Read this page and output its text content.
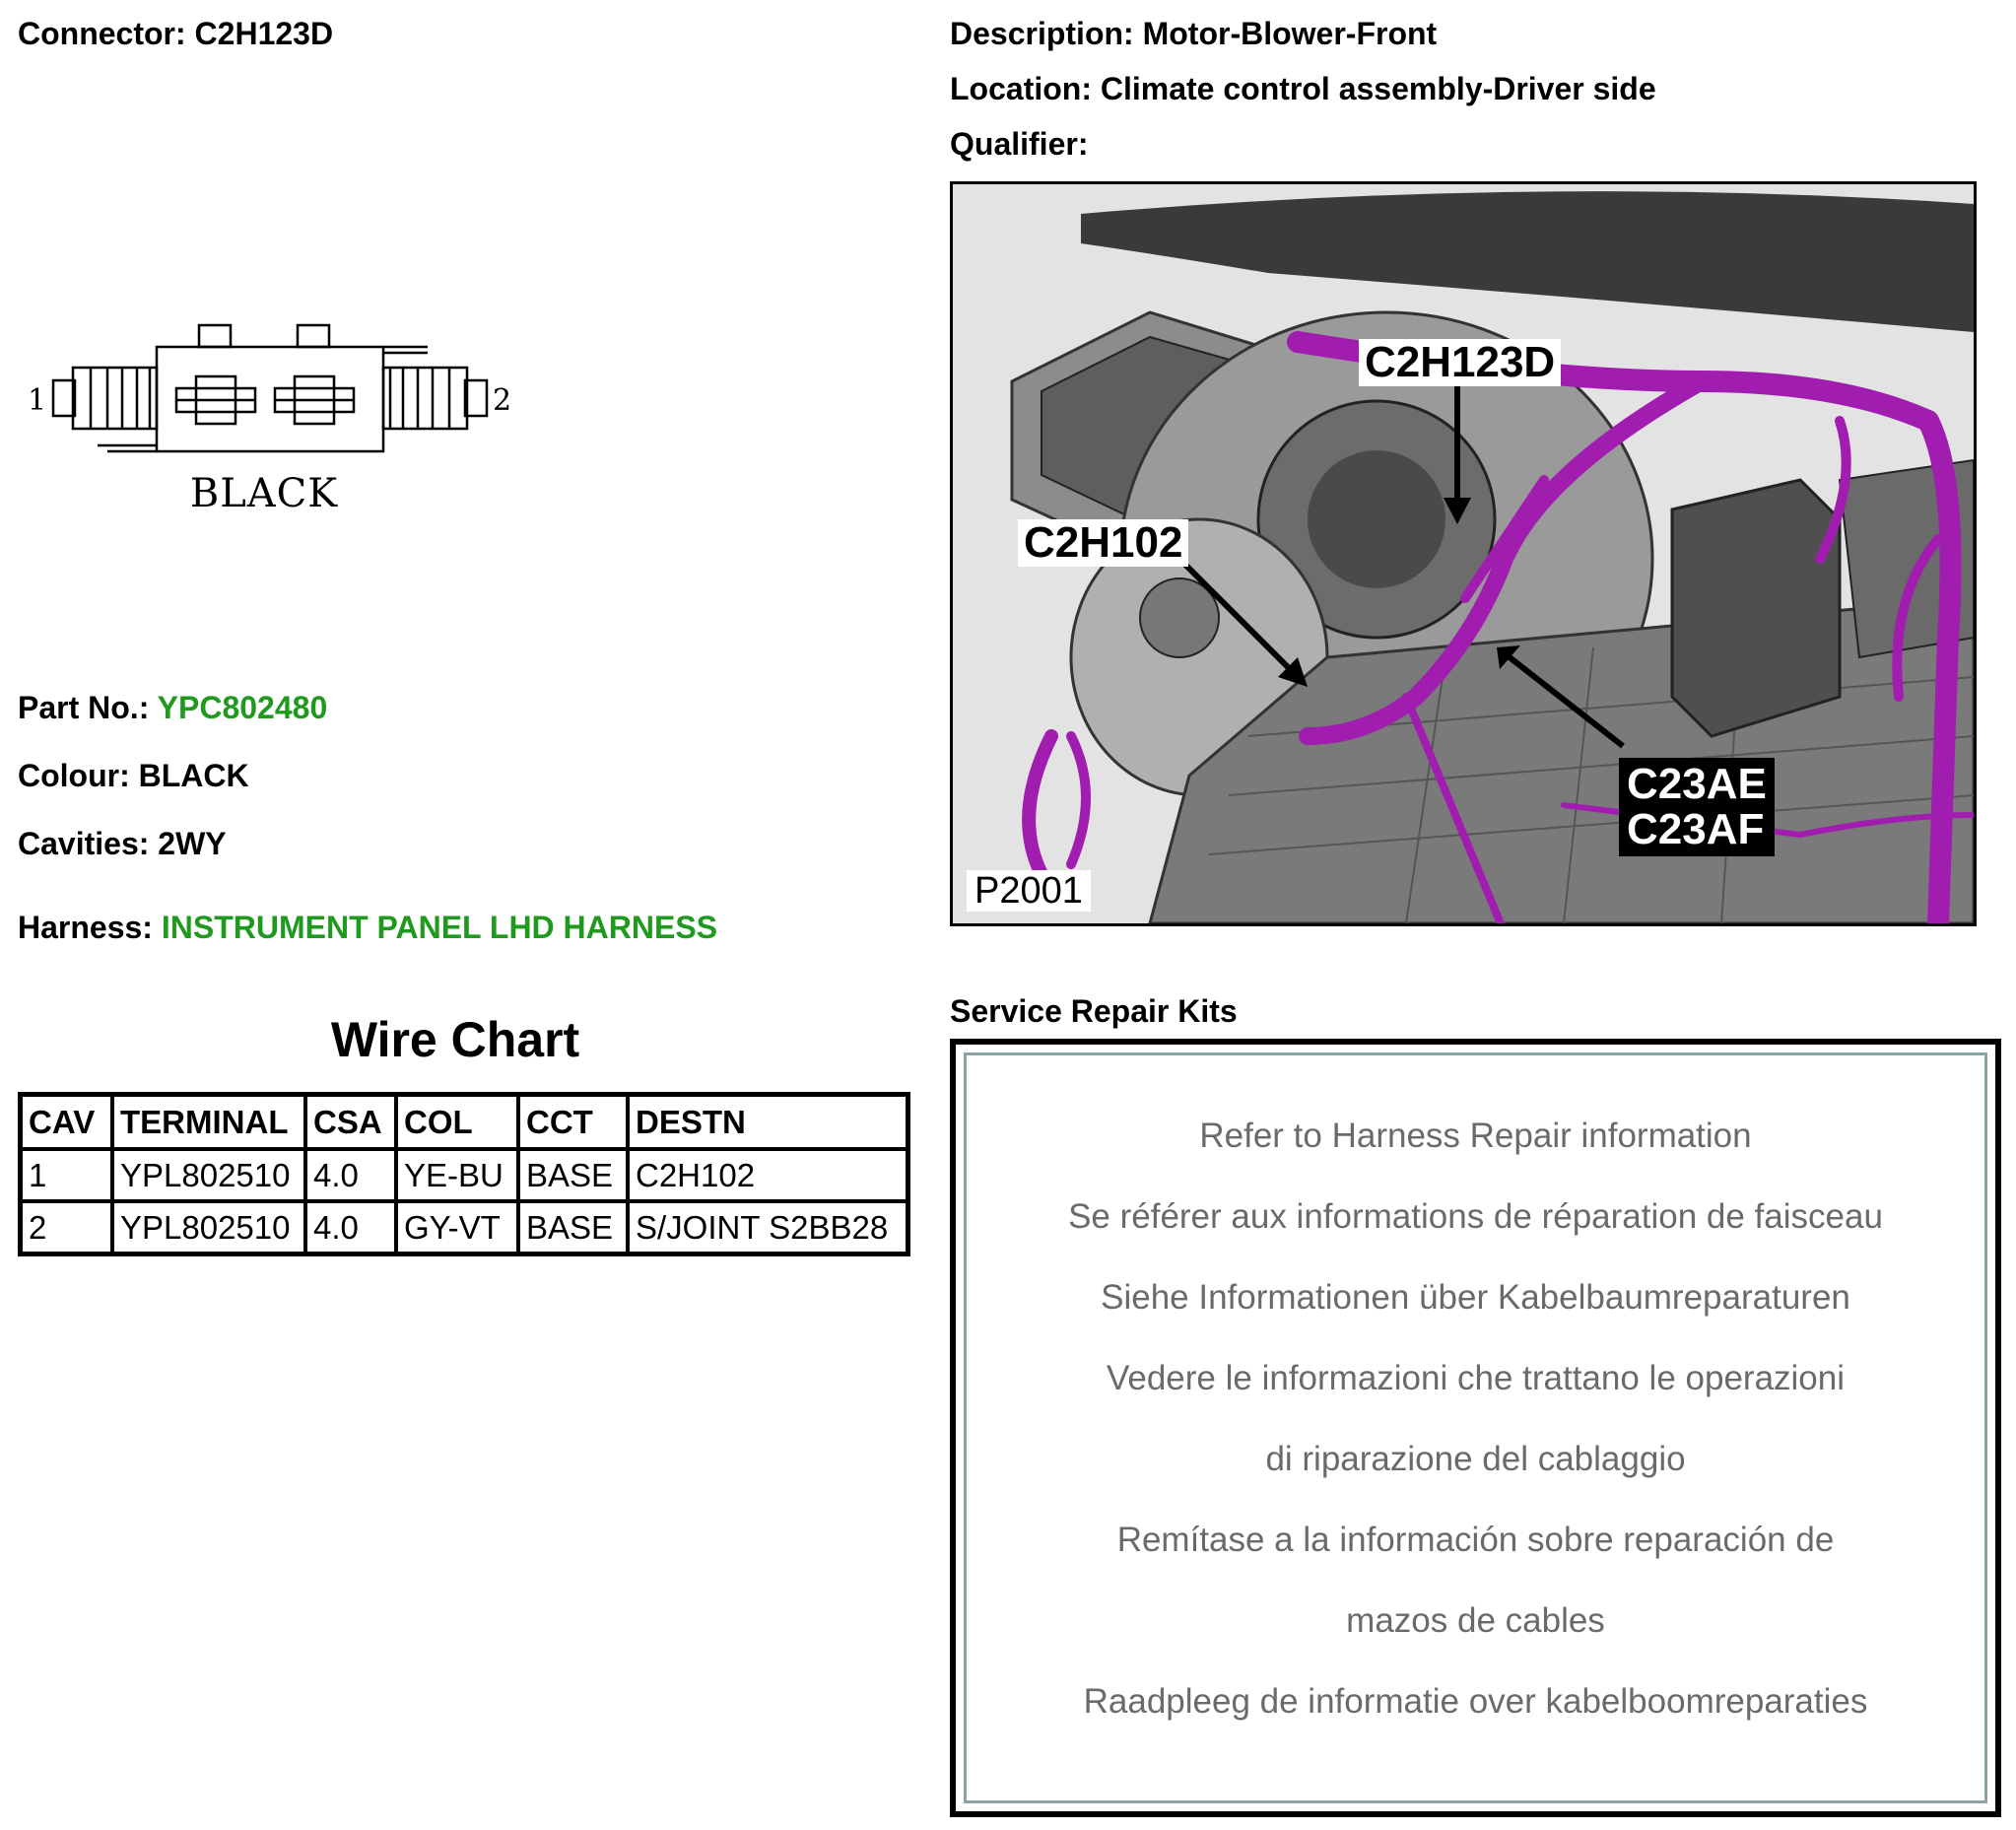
Connector: C2H123D	Description: Motor-Blower-Front
Location: Climate control assembly-Driver side
Qualifier:
1	2
BLACK
Part No.: YPC802480
Colour: BLACK
Cavities: 2WY
Harness: INSTRUMENT PANEL LHD HARNESS
Wire Chart
CAV	TERMINAL	CSA	COL	CCT	DESTN
1	YPL802510	4.0	YE-BU	BASE	C2H102
2	YPL802510	4.0	GY-VT	BASE	S/JOINT S2BB28
C2H123D
C2H102
C23AE
C23AF
P2001
Service Repair Kits
Refer to Harness Repair information
Se référer aux informations de réparation de faisceau
Siehe Informationen über Kabelbaumreparaturen
Vedere le informazioni che trattano le operazioni
di riparazione del cablaggio
Remítase a la información sobre reparación de
mazos de cables
Raadpleeg de informatie over kabelboomreparaties
